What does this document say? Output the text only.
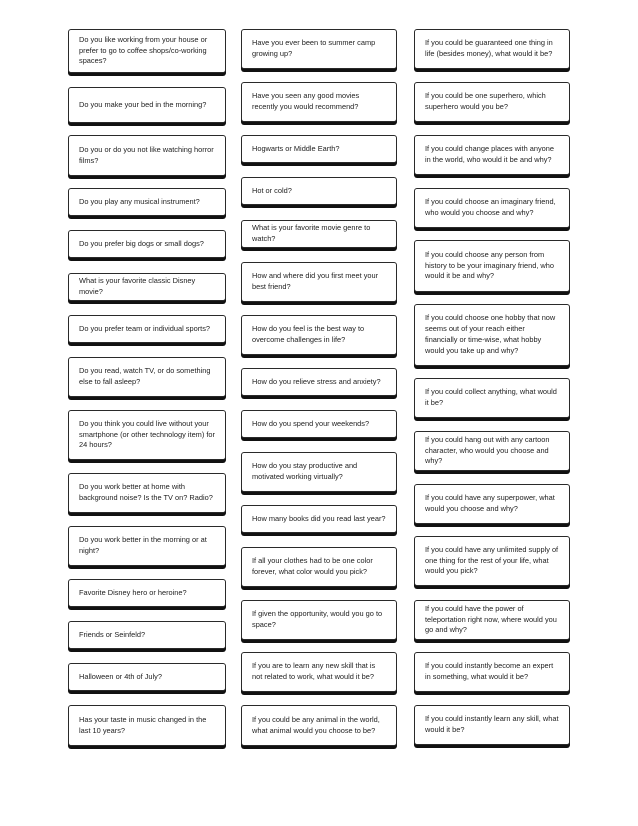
Do you like working from your house or prefer to go to coffee shops/co-working spaces?
Do you make your bed in the morning?
Do you or do you not like watching horror films?
Do you play any musical instrument?
Do you prefer big dogs or small dogs?
What is your favorite classic Disney movie?
Do you prefer team or individual sports?
Do you read, watch TV, or do something else to fall asleep?
Do you think you could live without your smartphone (or other technology item) for 24 hours?
Do you work better at home with background noise? Is the TV on? Radio?
Do you work better in the morning or at night?
Favorite Disney hero or heroine?
Friends or Seinfeld?
Halloween or 4th of July?
Has your taste in music changed in the last 10 years?
Have you ever been to summer camp growing up?
Have you seen any good movies recently you would recommend?
Hogwarts or Middle Earth?
Hot or cold?
What is your favorite movie genre to watch?
How and where did you first meet your best friend?
How do you feel is the best way to overcome challenges in life?
How do you relieve stress and anxiety?
How do you spend your weekends?
How do you stay productive and motivated working virtually?
How many books did you read last year?
If all your clothes had to be one color forever, what color would you pick?
If given the opportunity, would you go to space?
If you are to learn any new skill that is not related to work, what would it be?
If you could be any animal in the world, what animal would you choose to be?
If you could be guaranteed one thing in life (besides money), what would it be?
If you could be one superhero, which superhero would you be?
If you could change places with anyone in the world, who would it be and why?
If you could choose an imaginary friend, who would you choose and why?
If you could choose any person from history to be your imaginary friend, who would it be and why?
If you could choose one hobby that now seems out of your reach either financially or time-wise, what hobby would you take up and why?
If you could collect anything, what would it be?
If you could hang out with any cartoon character, who would you choose and why?
If you could have any superpower, what would you choose and why?
If you could have any unlimited supply of one thing for the rest of your life, what would you pick?
If you could have the power of teleportation right now, where would you go and why?
If you could instantly become an expert in something, what would it be?
If you could instantly learn any skill, what would it be?
